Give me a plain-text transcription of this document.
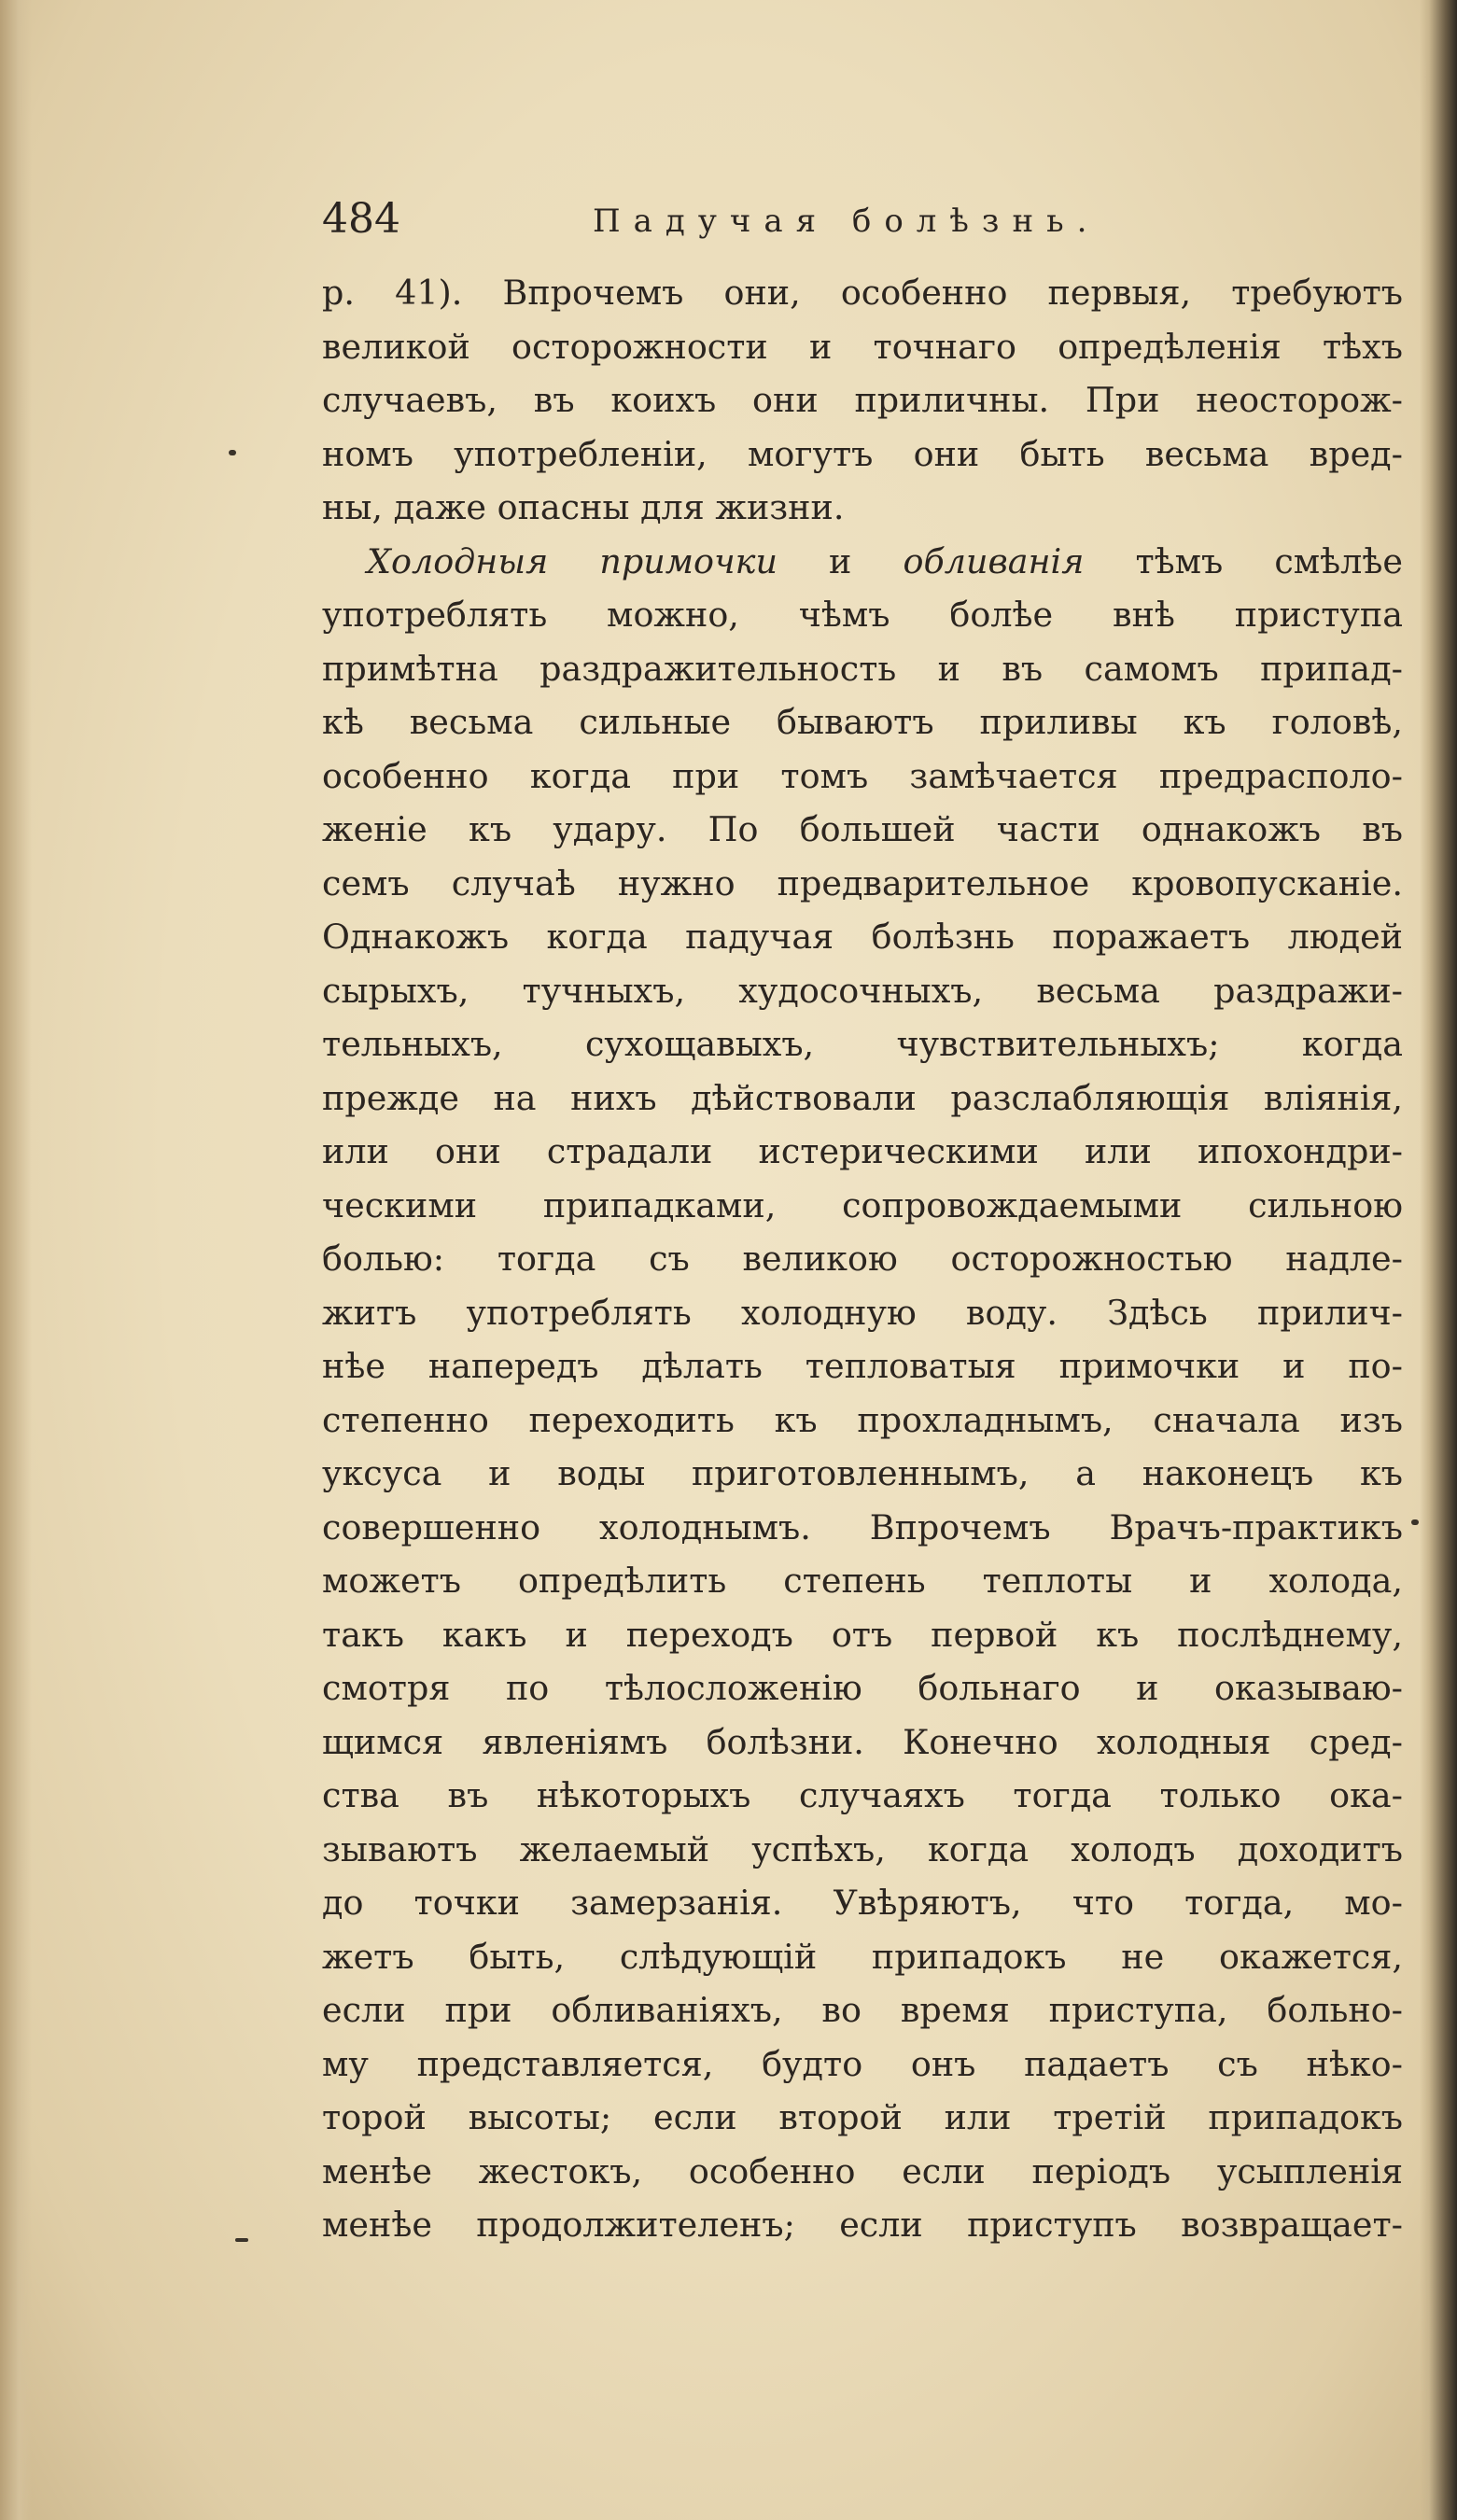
484	Падучая болѣзнь.
р. 41). Впрочемъ они, особенно первыя, требуютъ
великой осторожности и точнаго опредѣленія тѣхъ
случаевъ, въ коихъ они приличны. При неосторож-
номъ употребленіи, могутъ они быть весьма вред-
ны, даже опасны для жизни.
Холодныя примочки и обливанія тѣмъ смѣлѣе
употреблять можно, чѣмъ болѣе внѣ приступа
примѣтна раздражительность и въ самомъ припад-
кѣ весьма сильные бываютъ приливы къ головѣ,
особенно когда при томъ замѣчается предрасполо-
женіе къ удару. По большей части однакожъ въ
семъ случаѣ нужно предварительное кровопусканіе.
Однакожъ когда падучая болѣзнь поражаетъ людей
сырыхъ, тучныхъ, худосочныхъ, весьма раздражи-
тельныхъ, сухощавыхъ, чувствительныхъ; когда
прежде на нихъ дѣйствовали разслабляющія вліянія,
или они страдали истерическими или ипохондри-
ческими припадками, сопровождаемыми сильною
болью: тогда съ великою осторожностью надле-
житъ употреблять холодную воду. Здѣсь прилич-
нѣе напередъ дѣлать тепловатыя примочки и по-
степенно переходить къ прохладнымъ, сначала изъ
уксуса и воды приготовленнымъ, а наконецъ къ
совершенно холоднымъ. Впрочемъ Врачъ-практикъ
можетъ опредѣлить степень теплоты и холода,
такъ какъ и переходъ отъ первой къ послѣднему,
смотря по тѣлосложенію больнаго и оказываю-
щимся явленіямъ болѣзни. Конечно холодныя сред-
ства въ нѣкоторыхъ случаяхъ тогда только ока-
зываютъ желаемый успѣхъ, когда холодъ доходитъ
до точки замерзанія. Увѣряютъ, что тогда, мо-
жетъ быть, слѣдующій припадокъ не окажется,
если при обливаніяхъ, во время приступа, больно-
му представляется, будто онъ падаетъ съ нѣко-
торой высоты; если второй или третій припадокъ
менѣе жестокъ, особенно если періодъ усыпленія
менѣе продолжителенъ; если приступъ возвращает-
